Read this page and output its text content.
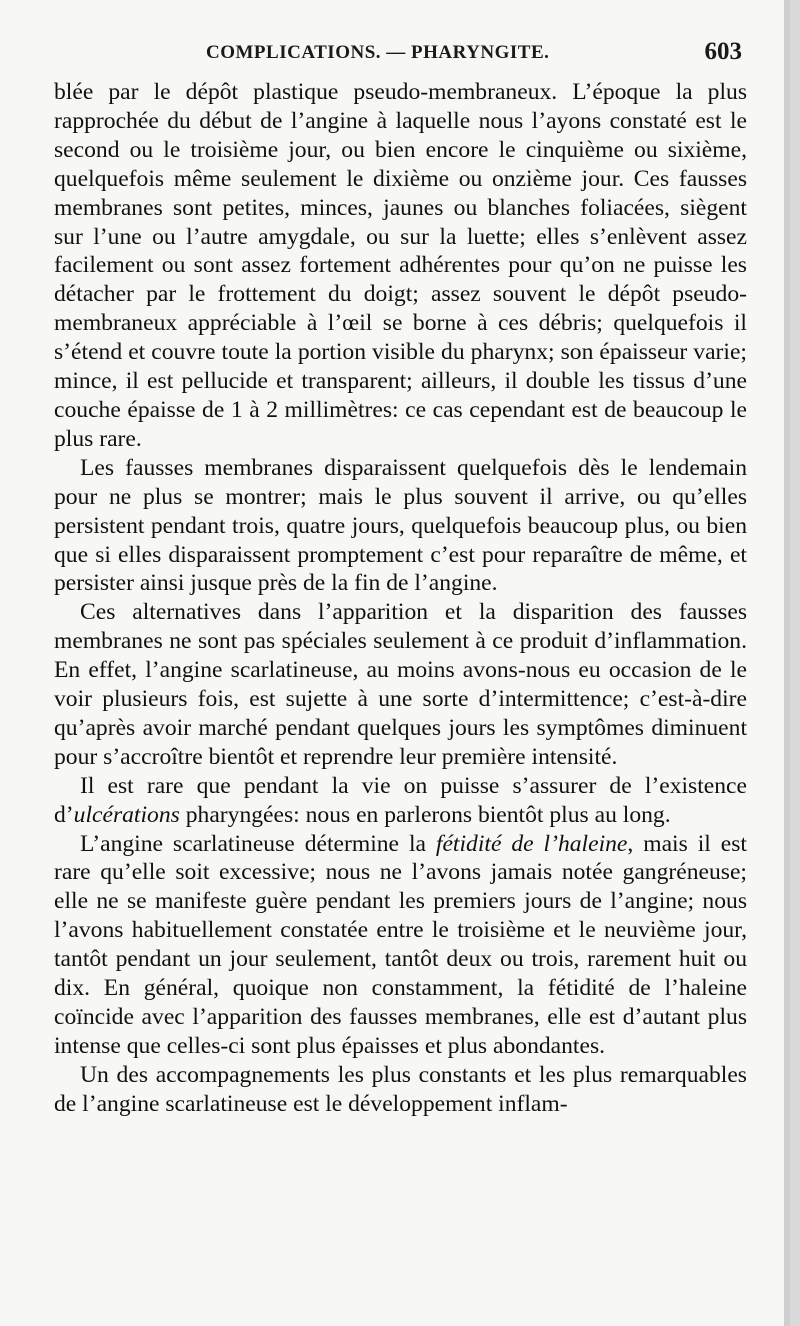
COMPLICATIONS. — PHARYNGITE.	603

blée par le dépôt plastique pseudo-membraneux. L’époque la plus rapprochée du début de l’angine à laquelle nous l’ayons constaté est le second ou le troisième jour, ou bien encore le cinquième ou sixième, quelquefois même seulement le dixième ou onzième jour. Ces fausses membranes sont petites, minces, jaunes ou blanches foliacées, siègent sur l’une ou l’autre amygdale, ou sur la luette; elles s’enlèvent assez facilement ou sont assez fortement adhérentes pour qu’on ne puisse les détacher par le frottement du doigt; assez souvent le dépôt pseudo-membraneux appréciable à l’œil se borne à ces débris; quelquefois il s’étend et couvre toute la portion visible du pharynx; son épaisseur varie; mince, il est pellucide et transparent; ailleurs, il double les tissus d’une couche épaisse de 1 à 2 millimètres: ce cas cependant est de beaucoup le plus rare.

Les fausses membranes disparaissent quelquefois dès le lendemain pour ne plus se montrer; mais le plus souvent il arrive, ou qu’elles persistent pendant trois, quatre jours, quelquefois beaucoup plus, ou bien que si elles disparaissent promptement c’est pour reparaître de même, et persister ainsi jusque près de la fin de l’angine.

Ces alternatives dans l’apparition et la disparition des fausses membranes ne sont pas spéciales seulement à ce produit d’inflammation. En effet, l’angine scarlatineuse, au moins avons-nous eu occasion de le voir plusieurs fois, est sujette à une sorte d’intermittence; c’est-à-dire qu’après avoir marché pendant quelques jours les symptômes diminuent pour s’accroître bientôt et reprendre leur première intensité.

Il est rare que pendant la vie on puisse s’assurer de l’existence d’ulcérations pharyngées: nous en parlerons bientôt plus au long.

L’angine scarlatineuse détermine la fétidité de l’haleine, mais il est rare qu’elle soit excessive; nous ne l’avons jamais notée gangréneuse; elle ne se manifeste guère pendant les premiers jours de l’angine; nous l’avons habituellement constatée entre le troisième et le neuvième jour, tantôt pendant un jour seulement, tantôt deux ou trois, rarement huit ou dix. En général, quoique non constamment, la fétidité de l’haleine coïncide avec l’apparition des fausses membranes, elle est d’autant plus intense que celles-ci sont plus épaisses et plus abondantes.

Un des accompagnements les plus constants et les plus remarquables de l’angine scarlatineuse est le développement inflam-
